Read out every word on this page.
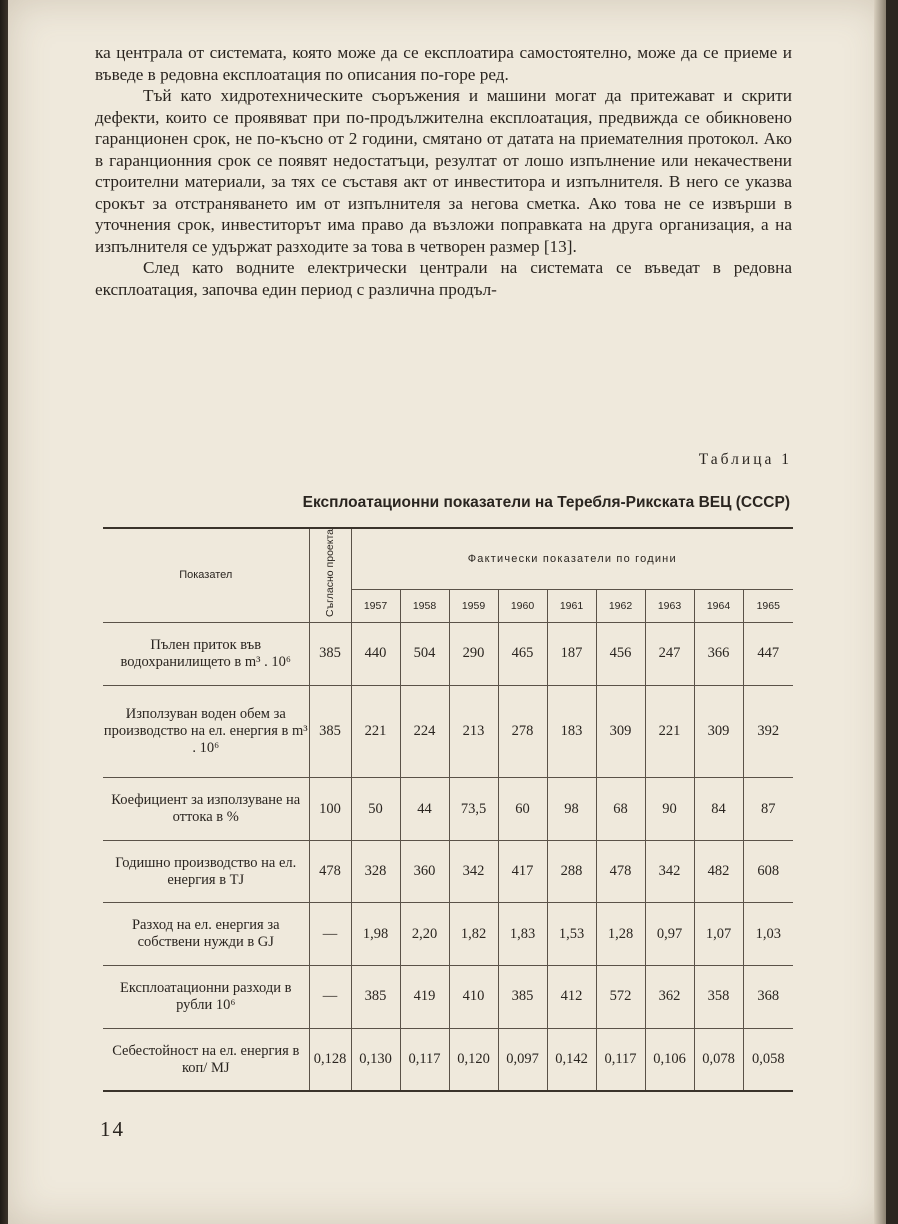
ка централа от системата, която може да се експлоатира самостоятелно, може да се приеме и въведе в редовна експлоатация по описания по-горе ред.

Тъй като хидротехническите съоръжения и машини могат да притежават и скрити дефекти, които се проявяват при по-продължителна експлоатация, предвижда се обикновено гаранционен срок, не по-късно от 2 години, смятано от датата на приемателния протокол. Ако в гаранционния срок се появят недостатъци, резултат от лошо изпълнение или некачествени строителни материали, за тях се съставя акт от инвеститора и изпълнителя. В него се указва срокът за отстраняването им от изпълнителя за негова сметка. Ако това не се извърши в уточнения срок, инвеститорът има право да възложи поправката на друга организация, а на изпълнителя се удържат разходите за това в четворен размер [13].

След като водните електрически централи на системата се въведат в редовна експлоатация, започва един период с различна продъл-

Таблица 1
Експлоатационни показатели на Теребля-Рикската ВЕЦ (СССР)
Показател	Съгласно проекта	Фактически показатели по години								
		1957	1958	1959	1960	1961	1962	1963	1964	1965
Пълен приток във водохранилището в m³ . 10⁶	385	440	504	290	465	187	456	247	366	447
Използуван воден обем за производство на ел. енергия в m³ . 10⁶	385	221	224	213	278	183	309	221	309	392
Коефициент за използуване на оттока в %	100	50	44	73,5	60	98	68	90	84	87
Годишно производство на ел. енергия в TJ	478	328	360	342	417	288	478	342	482	608
Разход на ел. енергия за собствени нужди в GJ	—	1,98	2,20	1,82	1,83	1,53	1,28	0,97	1,07	1,03
Експлоатационни разходи в рубли 10⁶	—	385	419	410	385	412	572	362	358	368
Себестойност на ел. енергия в коп/ MJ	0,128	0,130	0,117	0,120	0,097	0,142	0,117	0,106	0,078	0,058
14
